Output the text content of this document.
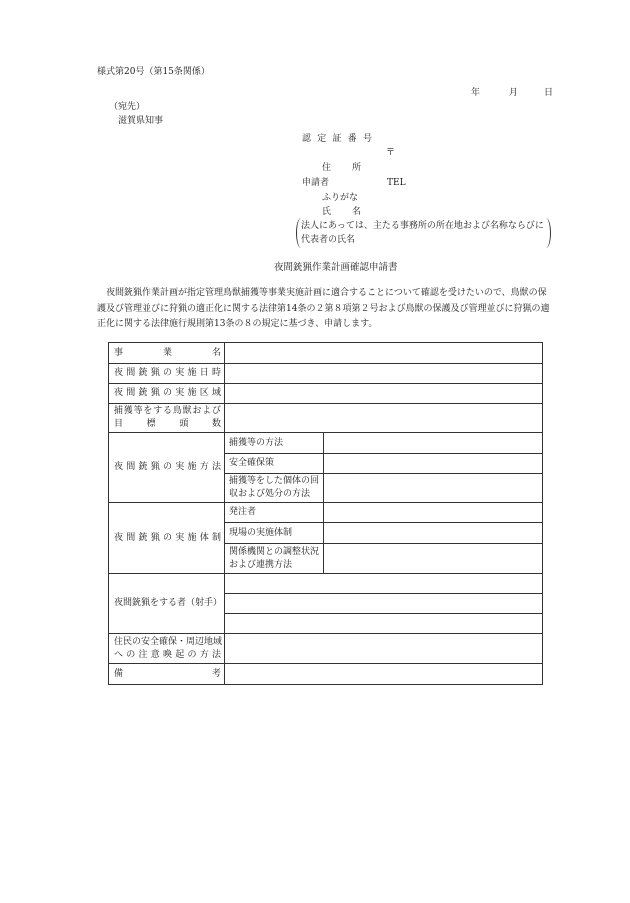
様式第20号（第15条関係）
年	月	日
（宛先）
滋賀県知事
認 定 証 番 号
〒
住 所
申請者	TEL
ふりがな
氏 名
法人にあっては、主たる事務所の所在地および名称ならびに
代表者の氏名
夜間銃猟作業計画確認申請書
夜間銃猟作業計画が指定管理鳥獣捕獲等事業実施計画に適合することについて確認を受けたいので、鳥獣の保
護及び管理並びに狩猟の適正化に関する法律第14条の２第８項第２号および鳥獣の保護及び管理並びに狩猟の適
正化に関する法律施行規則第13条の８の規定に基づき、申請します。
事 業 名		
夜 間 銃 猟 の 実 施 日 時		
夜 間 銃 猟 の 実 施 区 域		

捕獲等をする鳥獣および
目 標 頭 数		

夜 間 銃 猟 の 実 施 方 法	捕獲等の方法	
	安全確保策	

	捕獲等をした個体の回
収および処分の方法	

夜 間 銃 猟 の 実 施 体 制	発注者	
	現場の実施体制	

	関係機関との調整状況
および連携方法	

夜間銃猟をする者（射手）		

住民の安全確保・周辺地域
へ の 注 意 喚 起 の 方 法		

備 考		
